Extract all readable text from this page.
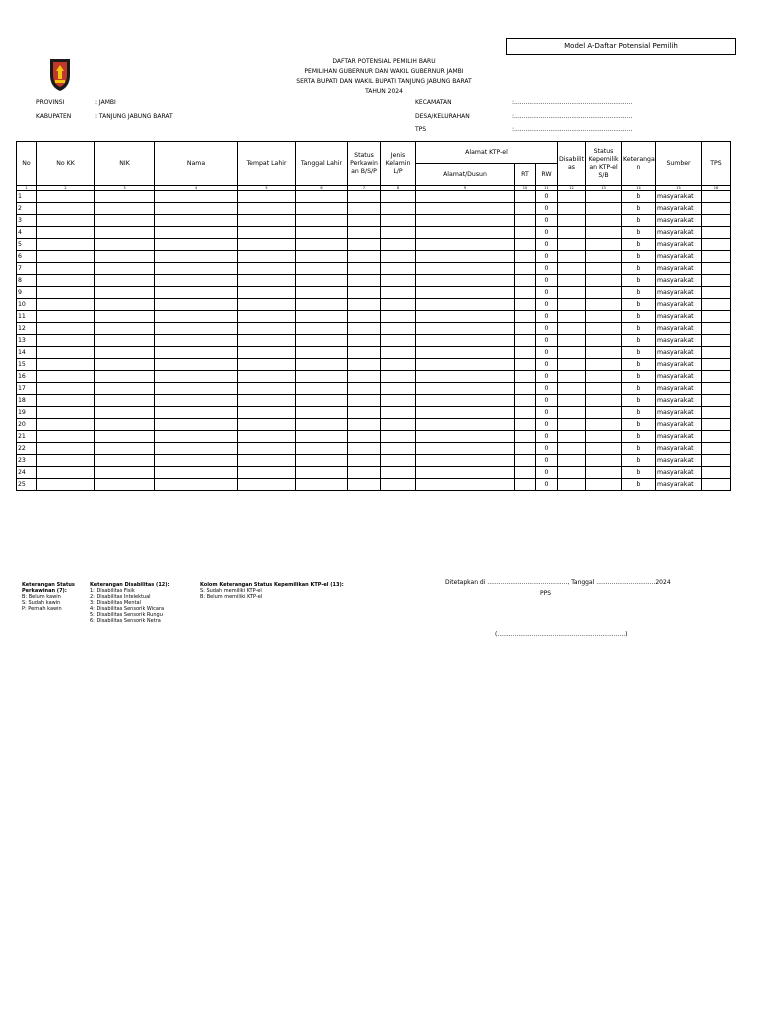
Model A-Daftar Potensial Pemilih
DAFTAR POTENSIAL PEMILIH BARU
PEMILIHAN GUBERNUR DAN WAKIL GUBERNUR JAMBI
SERTA BUPATI DAN WAKIL BUPATI TANJUNG JABUNG BARAT
TAHUN 2024
PROVINSI	: JAMBI
KABUPATEN	: TANJUNG JABUNG BARAT
KECAMATAN	:..............................................................
DESA/KELURAHAN	:..............................................................
TPS	:..............................................................
No	No KK	NIK	Nama	Tempat Lahir	Tanggal Lahir	Status Perkawin an B/S/P	Jenis Kelamin L/P	Alamat KTP-el			Disabilit as	Status Kepemilik an KTP-el S/B	Keteranga n	Sumber	TPS
								Alamat/Dusun	RT	RW					
1	2	3	4	5	6	7	8	9	10	11	12	13	14	15	16
1										0			b	masyarakat	
2										0			b	masyarakat	
3										0			b	masyarakat	
4										0			b	masyarakat	
5										0			b	masyarakat	
6										0			b	masyarakat	
7										0			b	masyarakat	
8										0			b	masyarakat	
9										0			b	masyarakat	
10										0			b	masyarakat	
11										0			b	masyarakat	
12										0			b	masyarakat	
13										0			b	masyarakat	
14										0			b	masyarakat	
15										0			b	masyarakat	
16										0			b	masyarakat	
17										0			b	masyarakat	
18										0			b	masyarakat	
19										0			b	masyarakat	
20										0			b	masyarakat	
21										0			b	masyarakat	
22										0			b	masyarakat	
23										0			b	masyarakat	
24										0			b	masyarakat	
25										0			b	masyarakat	
Keterangan Status
Perkawinan (7):
B: Belum kawin
S: Sudah kawin
P: Pernah kawin
Keterangan Disabilitas (12):
1: Disabilitas Fisik
2: Disabilitas Intelektual
3: Disabilitas Mental
4: Disabilitas Sensorik Wicara
5: Disabilitas Sensorik Rungu
6: Disabilitas Sensorik Netra
Kolom Keterangan Status Kepemilikan KTP-el (13):
S: Sudah memiliki KTP-el
B: Belum memiliki KTP-el
Ditetapkan di .........................................., Tanggal ...............................2024
PPS
(...................................................................)
